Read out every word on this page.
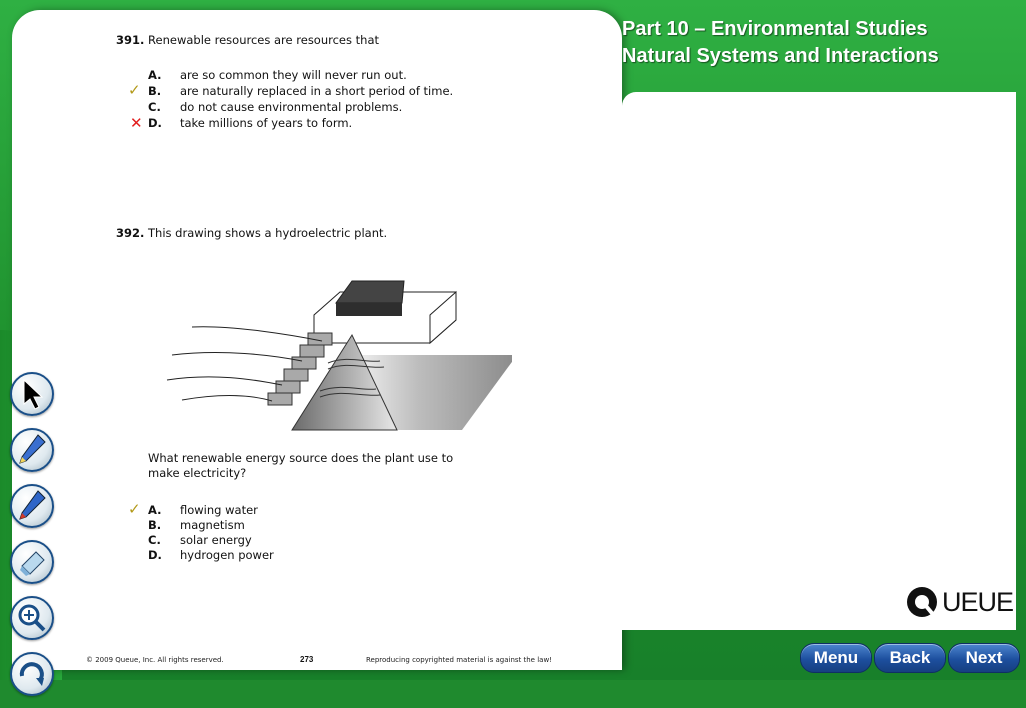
391. Renewable resources are resources that
A. are so common they will never run out.
✓ B. are naturally replaced in a short period of time.
C. do not cause environmental problems.
✕ D. take millions of years to form.
392. This drawing shows a hydroelectric plant.
What renewable energy source does the plant use to
make electricity?
✓ A. flowing water
B. magnetism
C. solar energy
D. hydrogen power
© 2009 Queue, Inc. All rights reserved.	273	Reproducing copyrighted material is against the law!
Part 10 – Environmental Studies
Natural Systems and Interactions
UEUE
Menu	Back	Next
